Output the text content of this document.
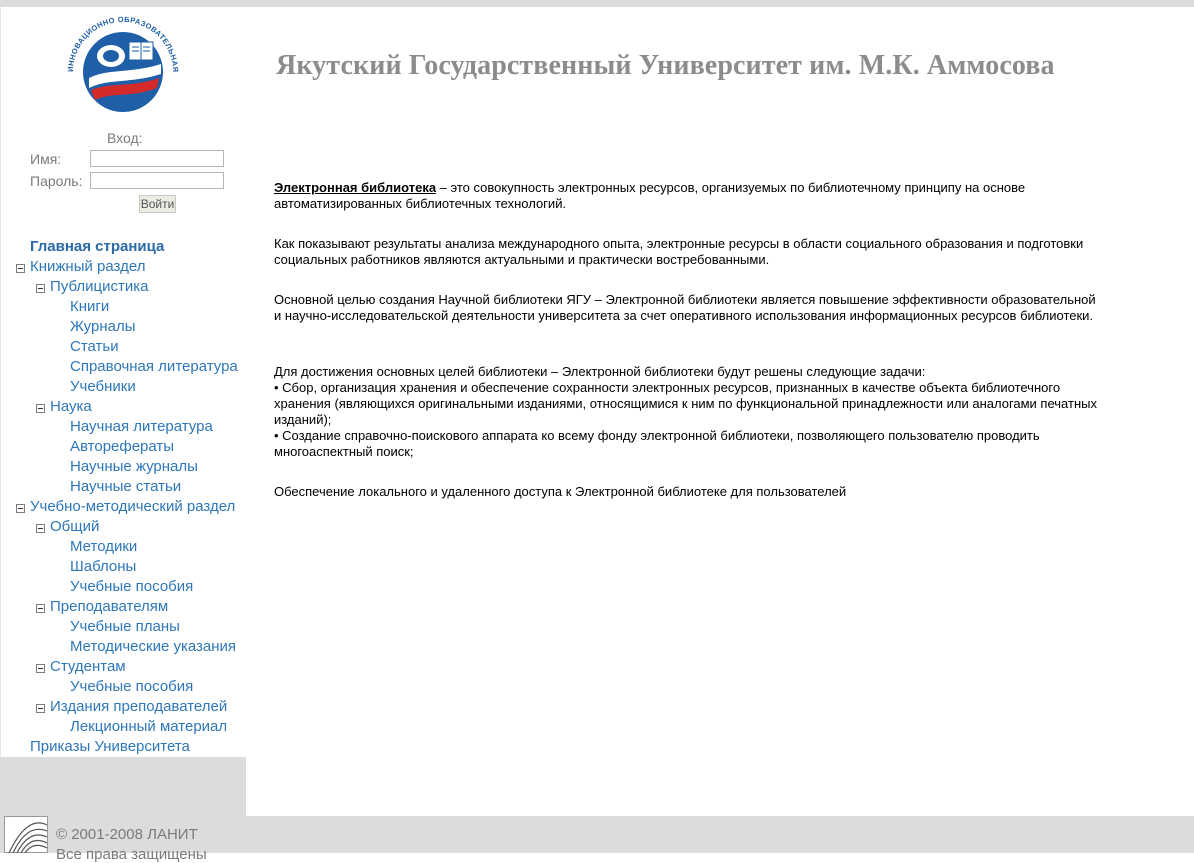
ИННОВАЦИОННО ОБРАЗОВАТЕЛЬНАЯ
Вход:
Имя:
Пароль:
Войти
Главная страница
Книжный раздел
Публицистика
Книги
Журналы
Статьи
Справочная литература
Учебники
Наука
Научная литература
Авторефераты
Научные журналы
Научные статьи
Учебно-методический раздел
Общий
Методики
Шаблоны
Учебные пособия
Преподавателям
Учебные планы
Методические указания
Студентам
Учебные пособия
Издания преподавателей
Лекционный материал
Приказы Университета
Якутский Государственный Университет им. М.К. Аммосова
Электронная библиотека – это совокупность электронных ресурсов, организуемых по библиотечному принципу на основе автоматизированных библиотечных технологий.
Как показывают результаты анализа международного опыта, электронные ресурсы в области социального образования и подготовки социальных работников являются актуальными и практически востребованными.
Основной целью создания Научной библиотеки ЯГУ – Электронной библиотеки является повышение эффективности образовательной и научно-исследовательской деятельности университета за счет оперативного использования информационных ресурсов библиотеки.
Для достижения основных целей библиотеки – Электронной библиотеки будут решены следующие задачи:
• Сбор, организация хранения и обеспечение сохранности электронных ресурсов, признанных в качестве объекта библиотечного хранения (являющихся оригинальными изданиями, относящимися к ним по функциональной принадлежности или аналогами печатных изданий);
• Создание справочно-поискового аппарата ко всему фонду электронной библиотеки, позволяющего пользователю проводить многоаспектный поиск;
Обеспечение локального и удаленного доступа к Электронной библиотеке для пользователей
© 2001-2008 ЛАНИТ
Все права защищены
